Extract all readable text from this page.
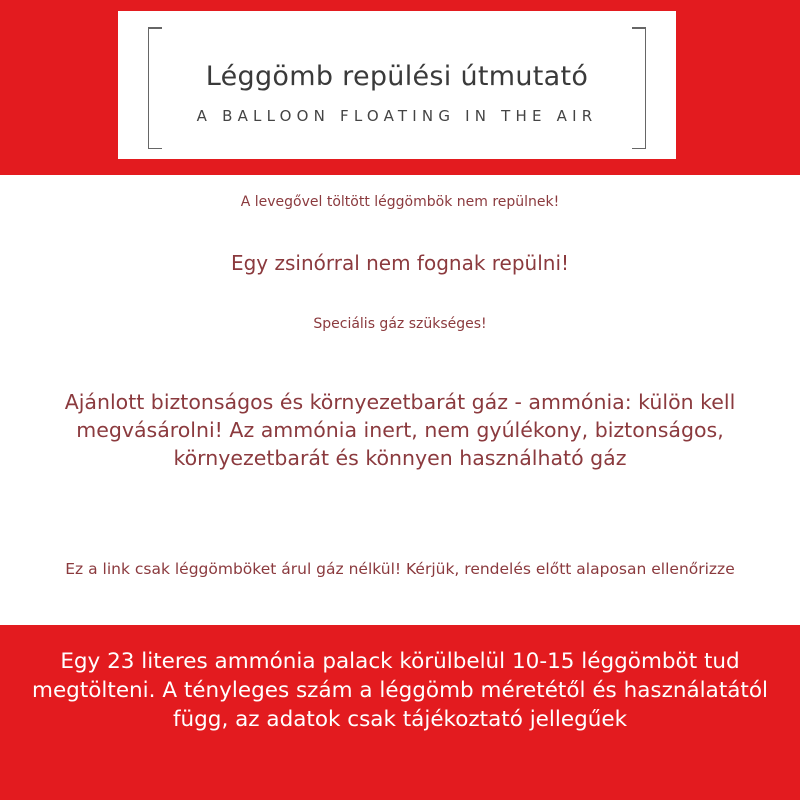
Léggömb repülési útmutató
A BALLOON FLOATING IN THE AIR
A levegővel töltött léggömbök nem repülnek!
Egy zsinórral nem fognak repülni!
Speciális gáz szükséges!
Ajánlott biztonságos és környezetbarát gáz - ammónia: külön kell megvásárolni! Az ammónia inert, nem gyúlékony, biztonságos, környezetbarát és könnyen használható gáz
Ez a link csak léggömböket árul gáz nélkül! Kérjük, rendelés előtt alaposan ellenőrizze
Egy 23 literes ammónia palack körülbelül 10-15 léggömböt tud megtölteni. A tényleges szám a léggömb méretétől és használatától függ, az adatok csak tájékoztató jellegűek
